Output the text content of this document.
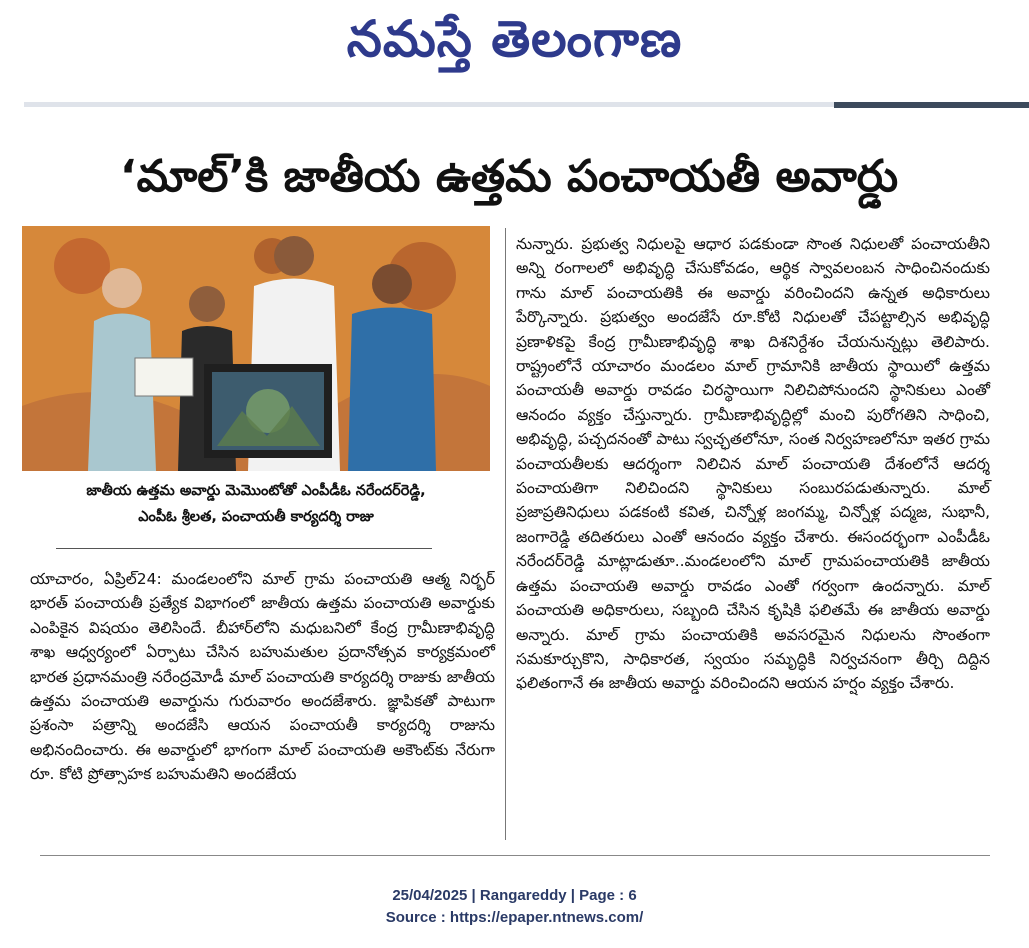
నమస్తే తెలంగాణ
‘మాల్’కి జాతీయ ఉత్తమ పంచాయతీ అవార్డు
జాతీయ ఉత్తమ అవార్డు మెమొంటోతో ఎంపీడీఓ నరేందర్‌రెడ్డి,
ఎంపీఓ శ్రీలత, పంచాయతీ కార్యదర్శి రాజు
యాచారం, ఏప్రిల్24: మండలంలోని మాల్ గ్రామ పంచాయతి ఆత్మ నిర్భర్ భారత్ పంచాయతీ ప్రత్యేక విభాగంలో జాతీయ ఉత్తమ పంచాయతి అవార్డుకు ఎంపికైన విషయం తెలిసిందే. బీహార్‌లోని మధుబనిలో కేంద్ర గ్రామీణాభివృద్ధి శాఖ ఆధ్వర్యంలో ఏర్పాటు చేసిన బహుమతుల ప్రదానోత్సవ కార్యక్రమంలో భారత ప్రధానమంత్రి నరేంద్రమోడీ మాల్ పంచాయతి కార్యదర్శి రాజుకు జాతీయ ఉత్తమ పంచాయతి అవార్డును గురువారం అందజేశారు. జ్ఞాపికతో పాటుగా ప్రశంసా పత్రాన్ని అందజేసి ఆయన పంచాయతీ కార్యదర్శి రాజును అభినందించారు. ఈ అవార్డులో భాగంగా మాల్ పంచాయతి అకౌంట్‌కు నేరుగా రూ. కోటి ప్రోత్సాహక బహుమతిని అందజేయ
నున్నారు. ప్రభుత్వ నిధులపై ఆధార పడకుండా సొంత నిధులతో పంచాయతీని అన్ని రంగాలలో అభివృద్ధి చేసుకోవడం, ఆర్థిక స్వావలంబన సాధించినందుకు గాను మాల్ పంచాయతికి ఈ అవార్డు వరించిందని ఉన్నత అధికారులు పేర్కొన్నారు. ప్రభుత్వం అందజేసే రూ.కోటి నిధులతో చేపట్టాల్సిన అభివృద్ధి ప్రణాళికపై కేంద్ర గ్రామీణాభివృద్ధి శాఖ దిశనిర్దేశం చేయనున్నట్లు తెలిపారు. రాష్ట్రంలోనే యాచారం మండలం మాల్ గ్రామానికి జాతీయ స్థాయిలో ఉత్తమ పంచాయతీ అవార్డు రావడం చిరస్థాయిగా నిలిచిపోనుందని స్థానికులు ఎంతో ఆనందం వ్యక్తం చేస్తున్నారు. గ్రామీణాభివృద్ధిల్లో మంచి పురోగతిని సాధించి, అభివృద్ధి, పచ్చదనంతో పాటు స్వచ్ఛతలోనూ, సంత నిర్వహణలోనూ ఇతర గ్రామ పంచాయతీలకు ఆదర్శంగా నిలిచిన మాల్ పంచాయతి దేశంలోనే ఆదర్శ పంచాయతిగా నిలిచిందని స్థానికులు సంబురపడుతున్నారు. మాల్ ప్రజాప్రతినిధులు పడకంటి కవిత, చిన్నోళ్ల జంగమ్మ, చిన్నోళ్ల పద్మజ, సుభానీ, జంగారెడ్డి తదితరులు ఎంతో ఆనందం వ్యక్తం చేశారు. ఈసందర్భంగా ఎంపీడీఓ నరేందర్‌రెడ్డి మాట్లాడుతూ..మండలంలోని మాల్ గ్రామపంచాయతికి జాతీయ ఉత్తమ పంచాయతి అవార్డు రావడం ఎంతో గర్వంగా ఉందన్నారు. మాల్ పంచాయతి అధికారులు, సబ్బంది చేసిన కృషికి ఫలితమే ఈ జాతీయ అవార్డు అన్నారు. మాల్ గ్రామ పంచాయతికి అవసరమైన నిధులను సొంతంగా సమకూర్చుకొని, సాధికారత, స్వయం సమృద్ధికి నిర్వచనంగా తీర్చి దిద్దిన ఫలితంగానే ఈ జాతీయ అవార్డు వరించిందని ఆయన హర్షం వ్యక్తం చేశారు.
25/04/2025 | Rangareddy | Page : 6
Source : https://epaper.ntnews.com/
